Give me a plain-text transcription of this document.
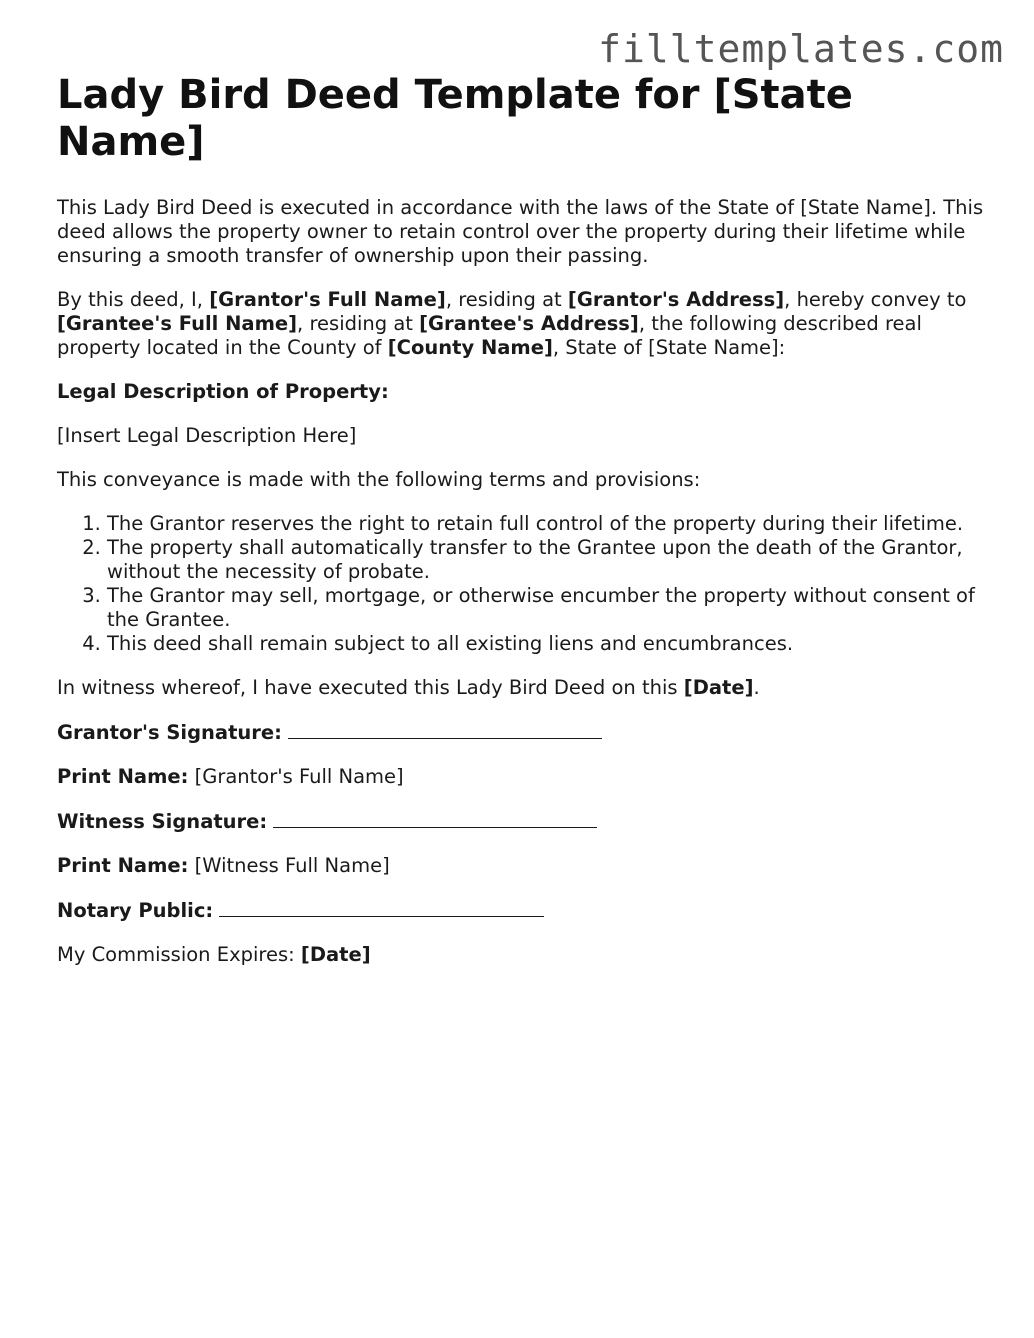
filltemplates.com
Lady Bird Deed Template for [State Name]

This Lady Bird Deed is executed in accordance with the laws of the State of [State Name]. This deed allows the property owner to retain control over the property during their lifetime while ensuring a smooth transfer of ownership upon their passing.

By this deed, I, [Grantor's Full Name], residing at [Grantor's Address], hereby convey to [Grantee's Full Name], residing at [Grantee's Address], the following described real property located in the County of [County Name], State of [State Name]:

Legal Description of Property:

[Insert Legal Description Here]

This conveyance is made with the following terms and provisions:

1. The Grantor reserves the right to retain full control of the property during their lifetime.
2. The property shall automatically transfer to the Grantee upon the death of the Grantor, without the necessity of probate.
3. The Grantor may sell, mortgage, or otherwise encumber the property without consent of the Grantee.
4. This deed shall remain subject to all existing liens and encumbrances.

In witness whereof, I have executed this Lady Bird Deed on this [Date].

Grantor's Signature:

Print Name: [Grantor's Full Name]

Witness Signature:

Print Name: [Witness Full Name]

Notary Public:

My Commission Expires: [Date]
